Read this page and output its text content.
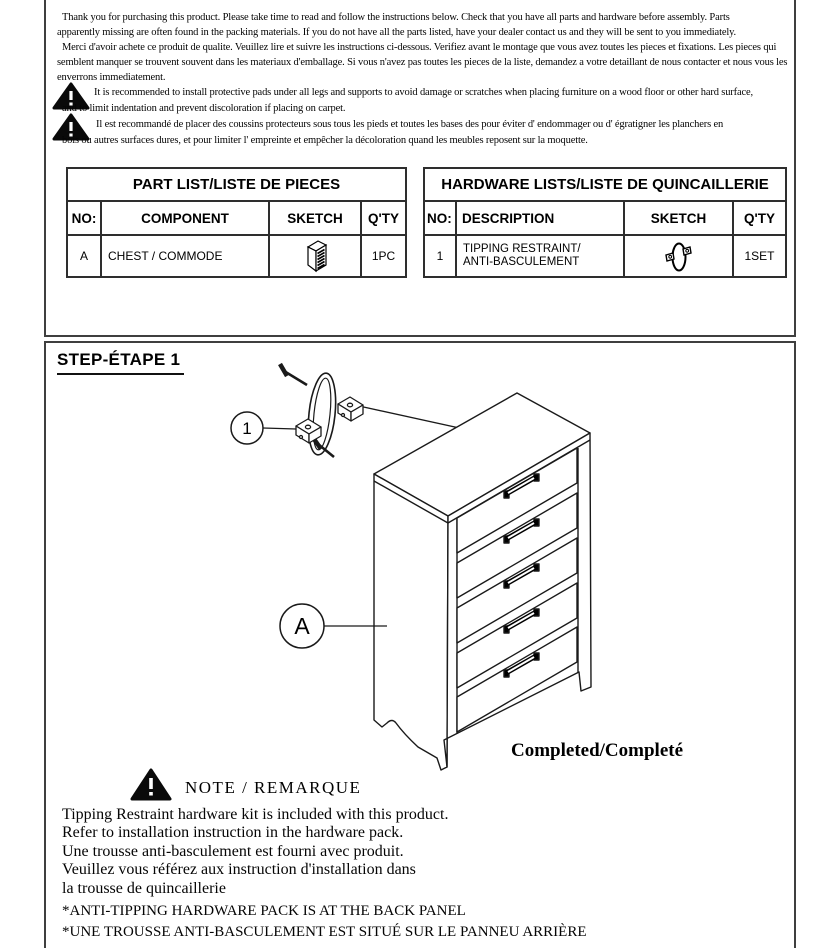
Thank you for purchasing this product. Please take time to read and follow the instructions below. Check that you have all parts and hardware before assembly. Parts
apparently missing are often found in the packing materials. If you do not have all the parts listed, have your dealer contact us and they will be sent to you immediately.
Merci d'avoir achete ce produit de qualite. Veuillez lire et suivre les instructions ci-dessous. Verifiez avant le montage que vous avez toutes les pieces et fixations. Les pieces qui
semblent manquer se trouvent souvent dans les materiaux d'emballage. Si vous n'avez pas toutes les pieces de la liste, demandez a votre detaillant de nous contacter et nous vous les
enverrons immediatement.
It is recommended to install protective pads under all legs and supports to avoid damage or scratches when placing furniture on a wood floor or other hard surface,
and to limit indentation and prevent discoloration if placing on carpet.
Il est recommandé de placer des coussins protecteurs sous tous les pieds et toutes les bases des pour éviter d' endommager ou d' égratigner les planchers en
bois ou autres surfaces dures, et pour limiter l' empreinte et empêcher la décoloration quand les meubles reposent sur la moquette.
PART LIST/LISTE DE PIECES			
NO:	COMPONENT	SKETCH	Q'TY
A	CHEST / COMMODE		1PC
HARDWARE LISTS/LISTE DE QUINCAILLERIE			
NO:	DESCRIPTION	SKETCH	Q'TY
1	TIPPING RESTRAINT/
ANTI-BASCULEMENT		1SET
STEP-ÉTAPE 1
1
A
Completed/Completé
NOTE / REMARQUE
Tipping Restraint hardware kit is included with this product.
Refer to installation instruction in the hardware pack.
Une trousse anti-basculement est fourni avec produit.
Veuillez vous référez aux instruction d'installation dans
la trousse de quincaillerie
*ANTI-TIPPING HARDWARE PACK IS AT THE BACK PANEL
*UNE TROUSSE ANTI-BASCULEMENT EST SITUÉ SUR LE PANNEU ARRIÈRE
